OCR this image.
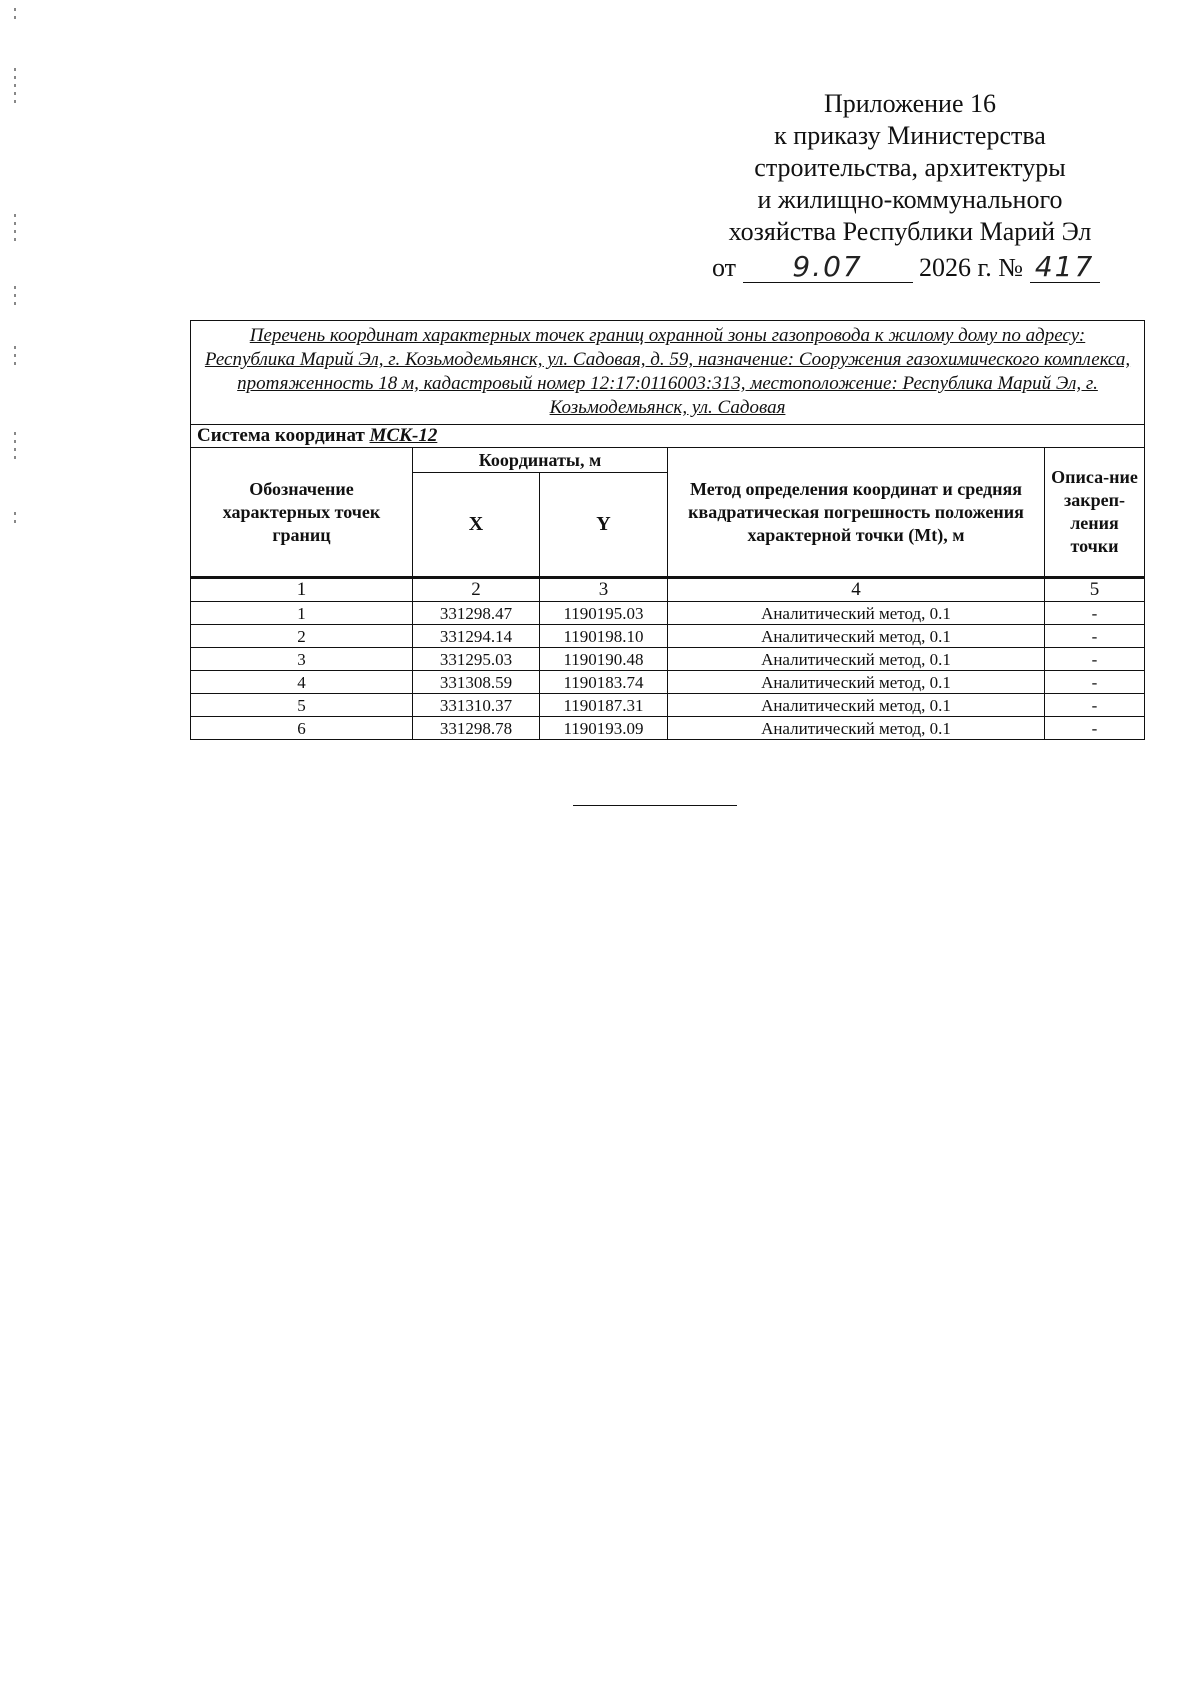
Приложение 16
к приказу Министерства
строительства, архитектуры
и жилищно-коммунального
хозяйства Республики Марий Эл
от 9.07 2026 г. № 417
Перечень координат характерных точек границ охранной зоны газопровода к жилому дому по адресу: Республика Марий Эл, г. Козьмодемьянск, ул. Садовая, д. 59, назначение: Сооружения газохимического комплекса, протяженность 18 м, кадастровый номер 12:17:0116003:313, местоположение: Республика Марий Эл, г. Козьмодемьянск, ул. Садовая				
Система координат МСК-12				
Обозначение характерных точек границ	Координаты, м		Метод определения координат и средняя квадратическая погрешность положения характерной точки (Mt), м	Описа-ние закреп-ления точки
	X	Y		
1	2	3	4	5
1	331298.47	1190195.03	Аналитический метод, 0.1	-
2	331294.14	1190198.10	Аналитический метод, 0.1	-
3	331295.03	1190190.48	Аналитический метод, 0.1	-
4	331308.59	1190183.74	Аналитический метод, 0.1	-
5	331310.37	1190187.31	Аналитический метод, 0.1	-
6	331298.78	1190193.09	Аналитический метод, 0.1	-
